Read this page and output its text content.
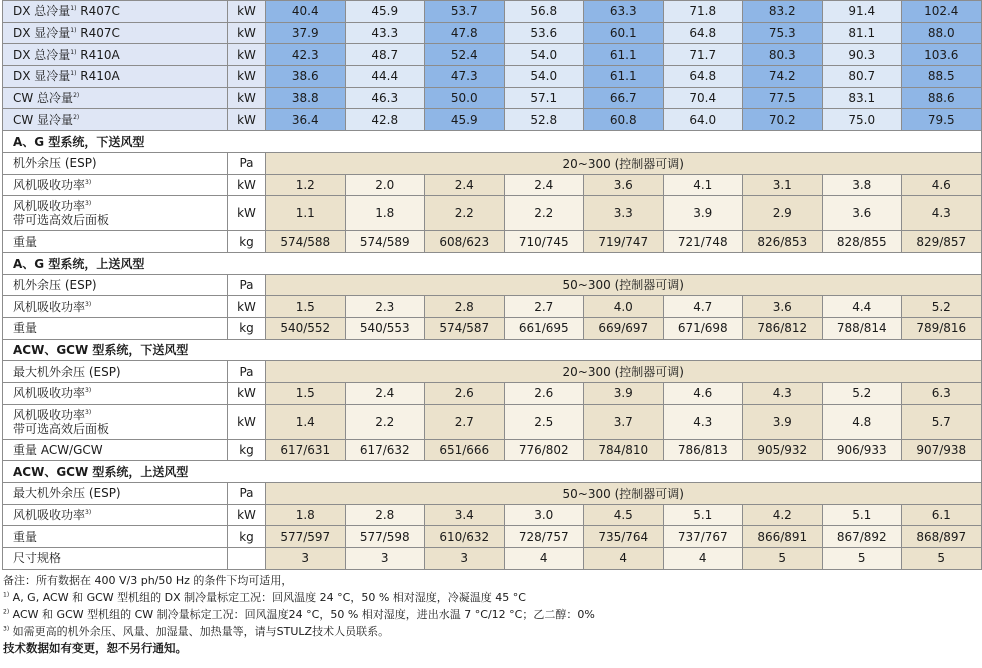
DX 总冷量$^{1)}$ R407C	kW	40.4	45.9	53.7	56.8	63.3	71.8	83.2	91.4	102.4
DX 显冷量$^{1)}$ R407C	kW	37.9	43.3	47.8	53.6	60.1	64.8	75.3	81.1	88.0
DX 总冷量$^{1)}$ R410A	kW	42.3	48.7	52.4	54.0	61.1	71.7	80.3	90.3	103.6
DX 显冷量$^{1)}$ R410A	kW	38.6	44.4	47.3	54.0	61.1	64.8	74.2	80.7	88.5
CW 总冷量$^{2)}$	kW	38.8	46.3	50.0	57.1	66.7	70.4	77.5	83.1	88.6
CW 显冷量$^{2)}$	kW	36.4	42.8	45.9	52.8	60.8	64.0	70.2	75.0	79.5
A、G 型系统，下送风型										
机外余压 (ESP)	Pa	20~300 (控制器可调)								
风机吸收功率$^{3)}$	kW	1.2	2.0	2.4	2.4	3.6	4.1	3.1	3.8	4.6
风机吸收功率$^{3)}$
带可选高效后面板	kW	1.1	1.8	2.2	2.2	3.3	3.9	2.9	3.6	4.3
重量	kg	574/588	574/589	608/623	710/745	719/747	721/748	826/853	828/855	829/857
A、G 型系统，上送风型										
机外余压 (ESP)	Pa	50~300 (控制器可调)								
风机吸收功率$^{3)}$	kW	1.5	2.3	2.8	2.7	4.0	4.7	3.6	4.4	5.2
重量	kg	540/552	540/553	574/587	661/695	669/697	671/698	786/812	788/814	789/816
ACW、GCW 型系统，下送风型										
最大机外余压 (ESP)	Pa	20~300 (控制器可调)								
风机吸收功率$^{3)}$	kW	1.5	2.4	2.6	2.6	3.9	4.6	4.3	5.2	6.3
风机吸收功率$^{3)}$
带可选高效后面板	kW	1.4	2.2	2.7	2.5	3.7	4.3	3.9	4.8	5.7
重量 ACW/GCW	kg	617/631	617/632	651/666	776/802	784/810	786/813	905/932	906/933	907/938
ACW、GCW 型系统，上送风型										
最大机外余压 (ESP)	Pa	50~300 (控制器可调)								
风机吸收功率$^{3)}$	kW	1.8	2.8	3.4	3.0	4.5	5.1	4.2	5.1	6.1
重量	kg	577/597	577/598	610/632	728/757	735/764	737/767	866/891	867/892	868/897
尺寸规格		3	3	3	4	4	4	5	5	5
备注：所有数据在 400 V/3 ph/50 Hz 的条件下均可适用，
$^{1)}$ A, G, ACW 和 GCW 型机组的 DX 制冷量标定工况：回风温度 24 °C，50 % 相对湿度，冷凝温度 45 °C
$^{2)}$ ACW 和 GCW 型机组的 CW 制冷量标定工况：回风温度24 °C，50 % 相对湿度，进出水温 7 °C/12 °C；乙二醇：0%
$^{3)}$ 如需更高的机外余压、风量、加湿量、加热量等，请与STULZ技术人员联系。
技术数据如有变更，恕不另行通知。
